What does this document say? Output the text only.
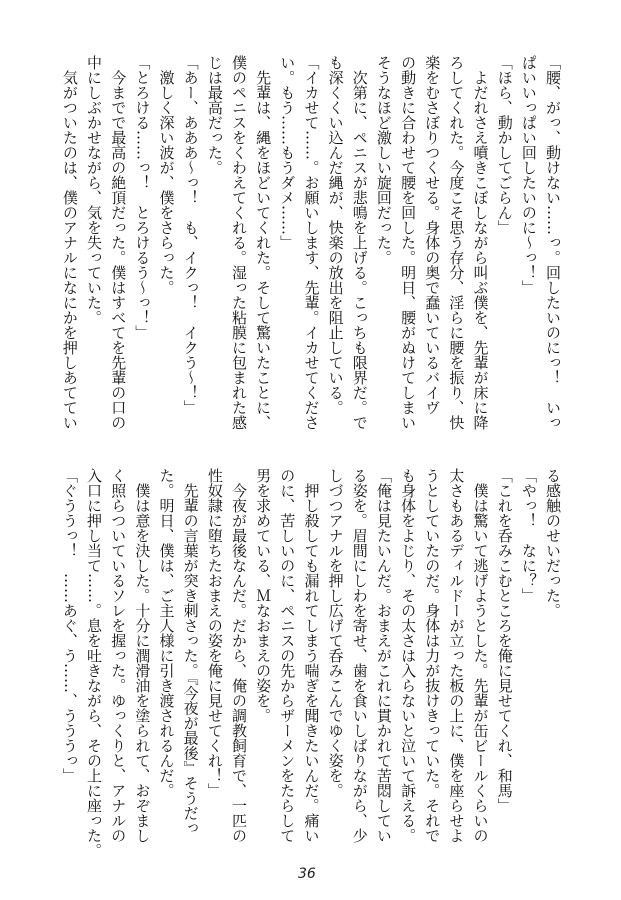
「腰、がっ、動けない……っ。回したいのにっ！　いっ
ぱいいっぱい回したいのに〜っ！」
「ほら、動かしてごらん」
　よだれさえ噴きこぼしながら叫ぶ僕を、先輩が床に降
ろしてくれた。今度こそ思う存分、淫らに腰を振り、快
楽をむさぼりつくせる。身体の奥で蠢いているバイヴ
の動きに合わせて腰を回した。明日、腰がぬけてしまい
そうなほど激しい旋回だった。
　次第に、ペニスが悲鳴を上げる。こっちも限界だ。で
も深くくい込んだ縄が、快楽の放出を阻止している。
「イカせて……。お願いします、先輩。イカせてくださ
い。もう……もうダメ……」
　先輩は、縄をほどいてくれた。そして驚いたことに、
僕のペニスをくわえてくれる。湿った粘膜に包まれた感
じは最高だった。
「あー、あああ〜っ！　も、イクっ！　イクう〜！」
　激しく深い波が、僕をさらった。
「とろける……っ！　とろけるう〜っ！」
　今までで最高の絶頂だった。僕はすべてを先輩の口の
中にしぶかせながら、気を失っていた。
　気がついたのは、僕のアナルになにかを押しあててい
る感触のせいだった。
「やっ！　なに？」
「これを呑みこむところを俺に見せてくれ、和馬」
　僕は驚いて逃げようとした。先輩が缶ビールくらいの
太さもあるディルドーが立った板の上に、僕を座らせよ
うとしていたのだ。身体は力が抜けきっていた。それで
も身体をよじり、その太さは入らないと泣いて訴える。
「俺は見たいんだ。おまえがこれに貫かれて苦悶してい
る姿を。眉間にしわを寄せ、歯を食いしばりながら、少
しづつアナルを押し広げて呑みこんでゆく姿を。
　押し殺しても漏れてしまう喘ぎを聞きたいんだ。痛い
のに、苦しいのに、ペニスの先からザーメンをたらして
男を求めている、Ｍなおまえの姿を。
　今夜が最後なんだ。だから、俺の調教飼育で、一匹の
性奴隷に堕ちたおまえの姿を俺に見せてくれ！」
　先輩の言葉が突き刺さった。『今夜が最後』そうだっ
た。明日、僕は、ご主人様に引き渡されるんだ。
　僕は意を決した。十分に潤滑油を塗られて、おぞまし
く照らついているソレを握った。ゆっくりと、アナルの
入口に押し当て……。息を吐きながら、その上に座った。
「ぐううっ！　……あぐ、う……、うううっ」
36
